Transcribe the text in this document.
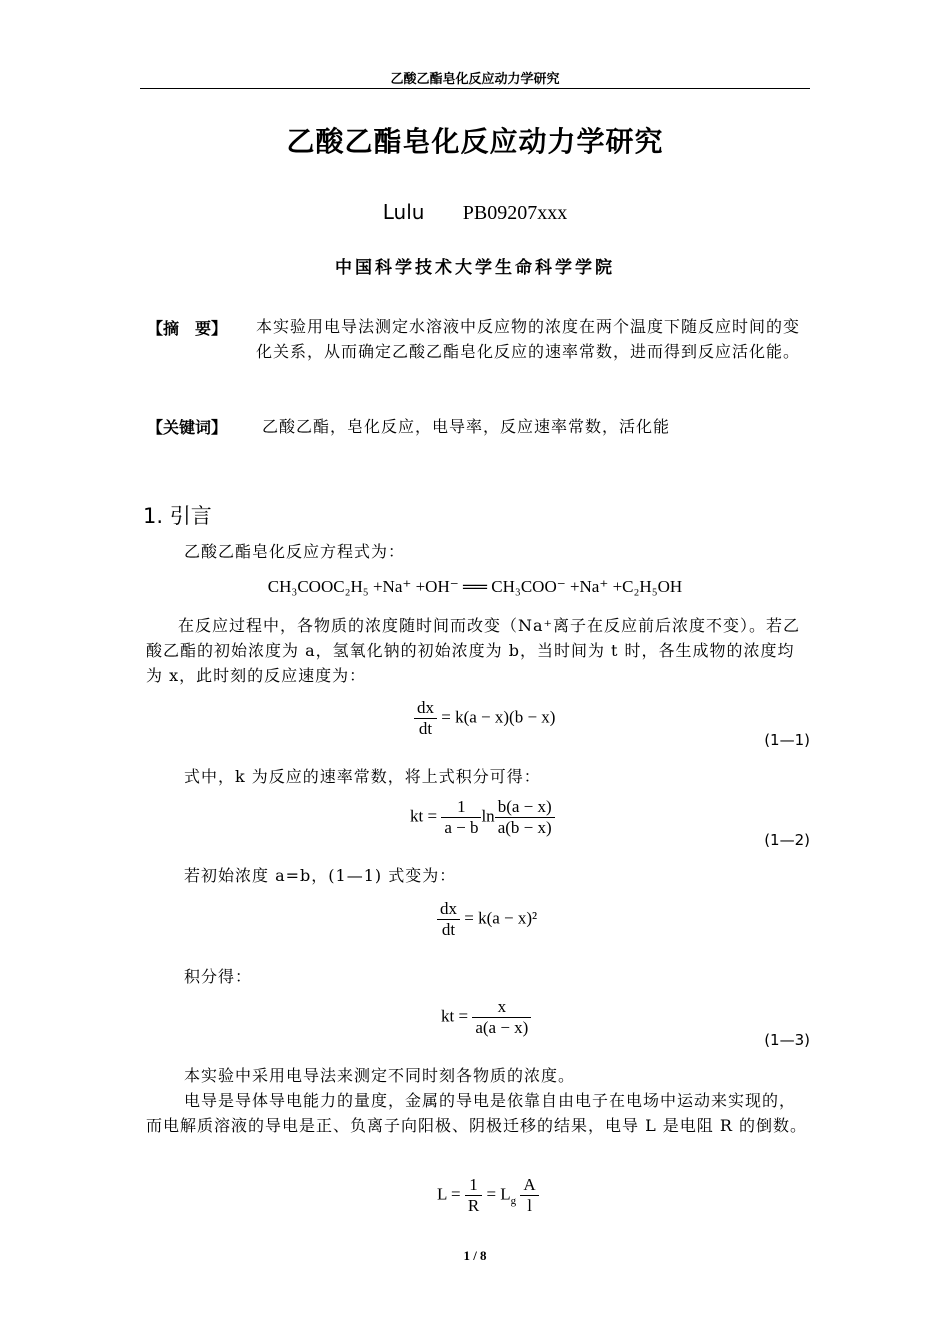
乙酸乙酯皂化反应动力学研究
乙酸乙酯皂化反应动力学研究
Lulu PB09207xxx
中国科学技术大学生命科学学院
【摘　要】 本实验用电导法测定水溶液中反应物的浓度在两个温度下随反应时间的变化关系，从而确定乙酸乙酯皂化反应的速率常数，进而得到反应活化能。
【关键词】 乙酸乙酯，皂化反应，电导率，反应速率常数，活化能
1. 引言
乙酸乙酯皂化反应方程式为：
CH₃COOC₂H₅ +Na⁺ +OH⁻ ══ CH₃COO⁻ +Na⁺ +C₂H₅OH
在反应过程中，各物质的浓度随时间而改变（Na⁺离子在反应前后浓度不变）。若乙酸乙酯的初始浓度为 a，氢氧化钠的初始浓度为 b，当时间为 t 时，各生成物的浓度均为 x，此时刻的反应速度为：
$\frac{dx}{dt} = k(a - x)(b - x)$
(1—1)
式中，k 为反应的速率常数，将上式积分可得：
kt = $\frac{1}{a - b}$ $\ln \frac{b(a - x)}{a(b - x)}$
(1—2)
若初始浓度 a=b，(1—1) 式变为：
$\frac{dx}{dt} = k(a - x)^2$
积分得：
kt = $\frac{x}{a(a - x)}$
(1—3)
本实验中采用电导法来测定不同时刻各物质的浓度。
电导是导体导电能力的量度，金属的导电是依靠自由电子在电场中运动来实现的，而电解质溶液的导电是正、负离子向阳极、阴极迁移的结果，电导 L 是电阻 R 的倒数。
$L = \frac{1}{R} = L_g \frac{A}{l}$
1 / 8
